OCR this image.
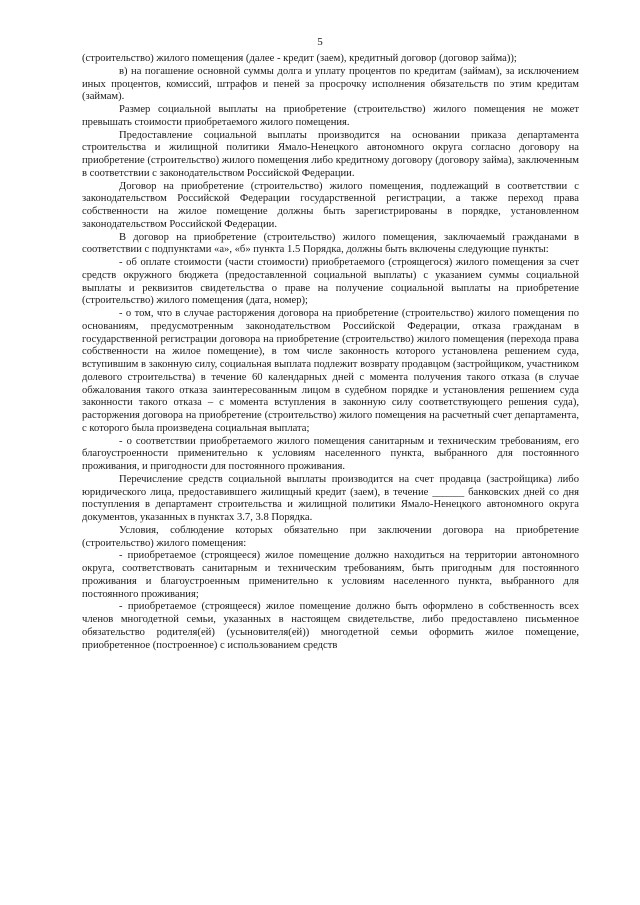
5

(строительство) жилого помещения (далее - кредит (заем), кредитный договор (договор займа));

в) на погашение основной суммы долга и уплату процентов по кредитам (займам), за исключением иных процентов, комиссий, штрафов и пеней за просрочку исполнения обязательств по этим кредитам (займам).

Размер социальной выплаты на приобретение (строительство) жилого помещения не может превышать стоимости приобретаемого жилого помещения.

Предоставление социальной выплаты производится на основании приказа департамента строительства и жилищной политики Ямало-Ненецкого автономного округа согласно договору на приобретение (строительство) жилого помещения либо кредитному договору (договору займа), заключенным в соответствии с законодательством Российской Федерации.

Договор на приобретение (строительство) жилого помещения, подлежащий в соответствии с законодательством Российской Федерации государственной регистрации, а также переход права собственности на жилое помещение должны быть зарегистрированы в порядке, установленном законодательством Российской Федерации.

В договор на приобретение (строительство) жилого помещения, заключаемый гражданами в соответствии с подпунктами «а», «б» пункта 1.5 Порядка, должны быть включены следующие пункты:

- об оплате стоимости (части стоимости) приобретаемого (строящегося) жилого помещения за счет средств окружного бюджета (предоставленной социальной выплаты) с указанием суммы социальной выплаты и реквизитов свидетельства о праве на получение социальной выплаты на приобретение (строительство) жилого помещения (дата, номер);

- о том, что в случае расторжения договора на приобретение (строительство) жилого помещения по основаниям, предусмотренным законодательством Российской Федерации, отказа гражданам в государственной регистрации договора на приобретение (строительство) жилого помещения (перехода права собственности на жилое помещение), в том числе законность которого установлена решением суда, вступившим в законную силу, социальная выплата подлежит возврату продавцом (застройщиком, участником долевого строительства) в течение 60 календарных дней с момента получения такого отказа (в случае обжалования такого отказа заинтересованным лицом в судебном порядке и установления решением суда законности такого отказа – с момента вступления в законную силу соответствующего решения суда), расторжения договора на приобретение (строительство) жилого помещения на расчетный счет департамента, с которого была произведена социальная выплата;

- о соответствии приобретаемого жилого помещения санитарным и техническим требованиям, его благоустроенности применительно к условиям населенного пункта, выбранного для постоянного проживания, и пригодности для постоянного проживания.

Перечисление средств социальной выплаты производится на счет продавца (застройщика) либо юридического лица, предоставившего жилищный кредит (заем), в течение ______ банковских дней со дня поступления в департамент строительства и жилищной политики Ямало-Ненецкого автономного округа документов, указанных в пунктах 3.7, 3.8 Порядка.

Условия, соблюдение которых обязательно при заключении договора на приобретение (строительство) жилого помещения:

- приобретаемое (строящееся) жилое помещение должно находиться на территории автономного округа, соответствовать санитарным и техническим требованиям, быть пригодным для постоянного проживания и благоустроенным применительно к условиям населенного пункта, выбранного для постоянного проживания;

- приобретаемое (строящееся) жилое помещение должно быть оформлено в собственность всех членов многодетной семьи, указанных в настоящем свидетельстве, либо предоставлено письменное обязательство родителя(ей) (усыновителя(ей)) многодетной семьи оформить жилое помещение, приобретенное (построенное) с использованием средств
